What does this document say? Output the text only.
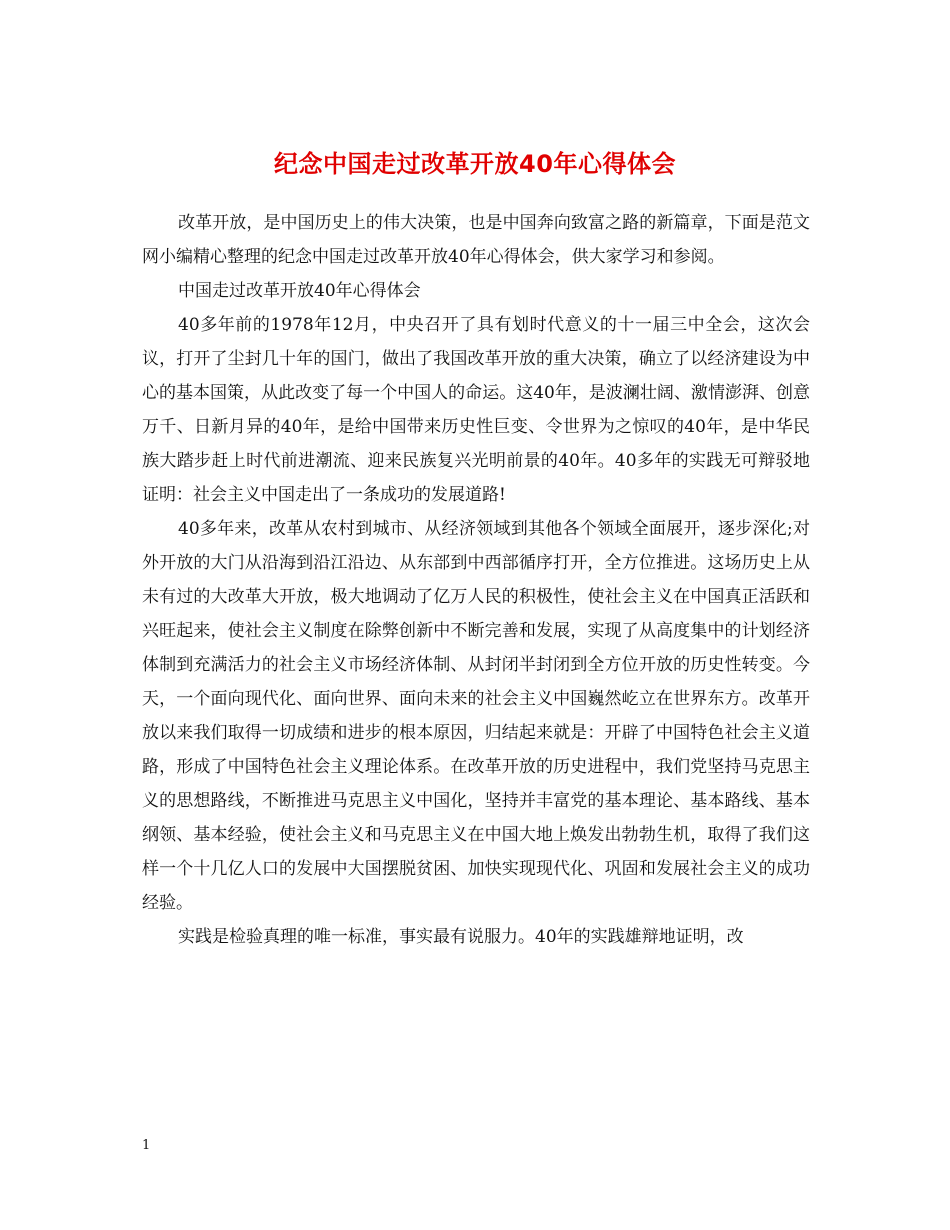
纪念中国走过改革开放40年心得体会

改革开放，是中国历史上的伟大决策，也是中国奔向致富之路的新篇章，下面是范文网小编精心整理的纪念中国走过改革开放40年心得体会，供大家学习和参阅。

中国走过改革开放40年心得体会

40多年前的1978年12月，中央召开了具有划时代意义的十一届三中全会，这次会议，打开了尘封几十年的国门，做出了我国改革开放的重大决策，确立了以经济建设为中心的基本国策，从此改变了每一个中国人的命运。这40年，是波澜壮阔、激情澎湃、创意万千、日新月异的40年，是给中国带来历史性巨变、令世界为之惊叹的40年，是中华民族大踏步赶上时代前进潮流、迎来民族复兴光明前景的40年。40多年的实践无可辩驳地证明：社会主义中国走出了一条成功的发展道路!

40多年来，改革从农村到城市、从经济领域到其他各个领域全面展开，逐步深化;对外开放的大门从沿海到沿江沿边、从东部到中西部循序打开，全方位推进。这场历史上从未有过的大改革大开放，极大地调动了亿万人民的积极性，使社会主义在中国真正活跃和兴旺起来，使社会主义制度在除弊创新中不断完善和发展，实现了从高度集中的计划经济体制到充满活力的社会主义市场经济体制、从封闭半封闭到全方位开放的历史性转变。今天，一个面向现代化、面向世界、面向未来的社会主义中国巍然屹立在世界东方。改革开放以来我们取得一切成绩和进步的根本原因，归结起来就是：开辟了中国特色社会主义道路，形成了中国特色社会主义理论体系。在改革开放的历史进程中，我们党坚持马克思主义的思想路线，不断推进马克思主义中国化，坚持并丰富党的基本理论、基本路线、基本纲领、基本经验，使社会主义和马克思主义在中国大地上焕发出勃勃生机，取得了我们这样一个十几亿人口的发展中大国摆脱贫困、加快实现现代化、巩固和发展社会主义的成功经验。

实践是检验真理的唯一标准，事实最有说服力。40年的实践雄辩地证明，改

1
